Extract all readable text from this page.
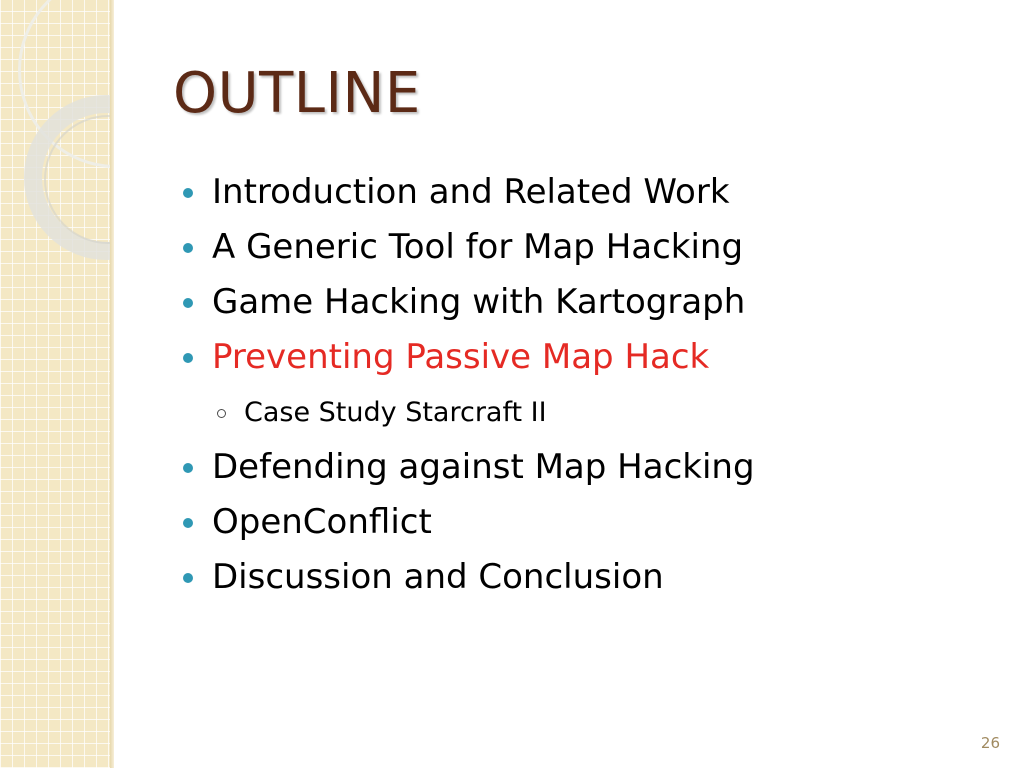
OUTLINE
Introduction and Related Work
A Generic Tool for Map Hacking
Game Hacking with Kartograph
Preventing Passive Map Hack
Case Study Starcraft II
Defending against Map Hacking
OpenConflict
Discussion and Conclusion
26
